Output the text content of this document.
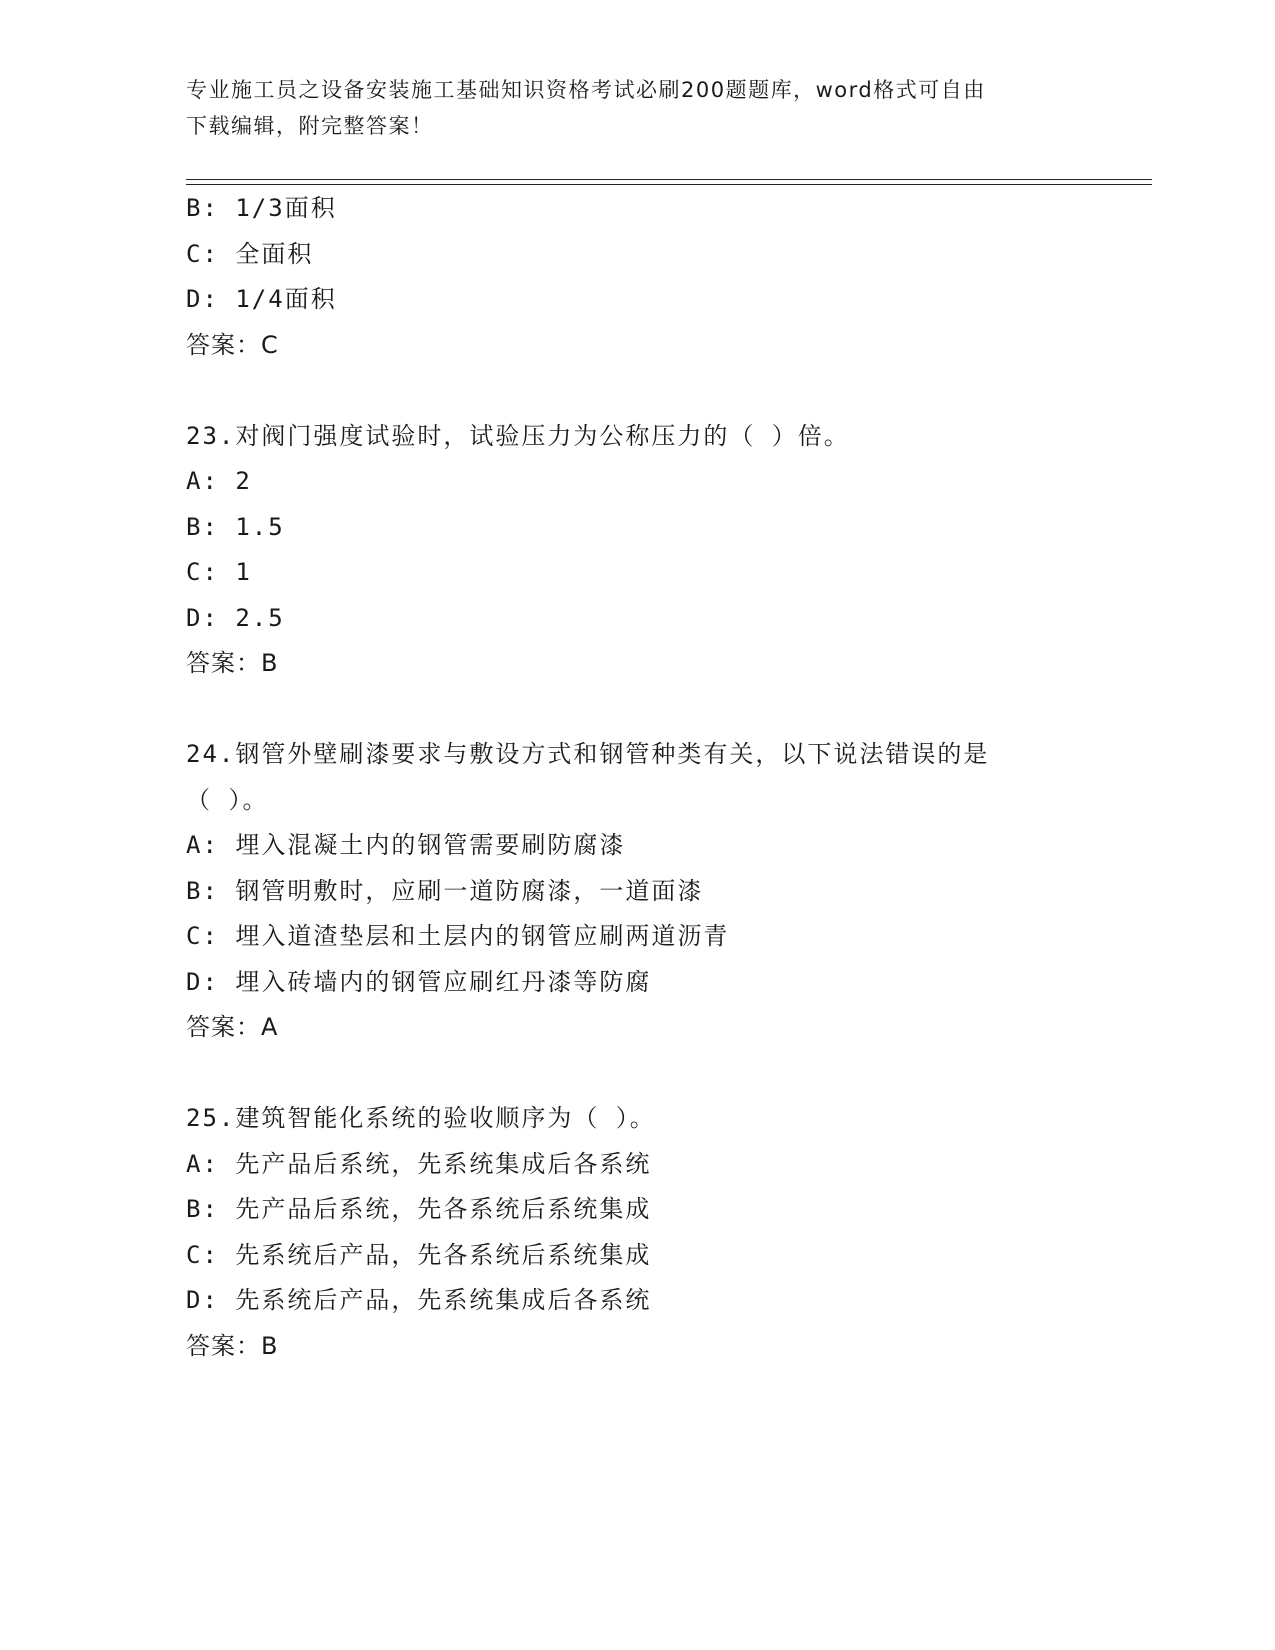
专业施工员之设备安装施工基础知识资格考试必刷200题题库，word格式可自由
下载编辑，附完整答案！
B: 1/3面积
C: 全面积
D: 1/4面积
答案：C
23.对阀门强度试验时，试验压力为公称压力的（ ）倍。
A: 2
B: 1.5
C: 1
D: 2.5
答案：B
24.钢管外壁刷漆要求与敷设方式和钢管种类有关，以下说法错误的是
（ ）。
A: 埋入混凝土内的钢管需要刷防腐漆
B: 钢管明敷时，应刷一道防腐漆，一道面漆
C: 埋入道渣垫层和土层内的钢管应刷两道沥青
D: 埋入砖墙内的钢管应刷红丹漆等防腐
答案：A
25.建筑智能化系统的验收顺序为（ ）。
A: 先产品后系统，先系统集成后各系统
B: 先产品后系统，先各系统后系统集成
C: 先系统后产品，先各系统后系统集成
D: 先系统后产品，先系统集成后各系统
答案：B
